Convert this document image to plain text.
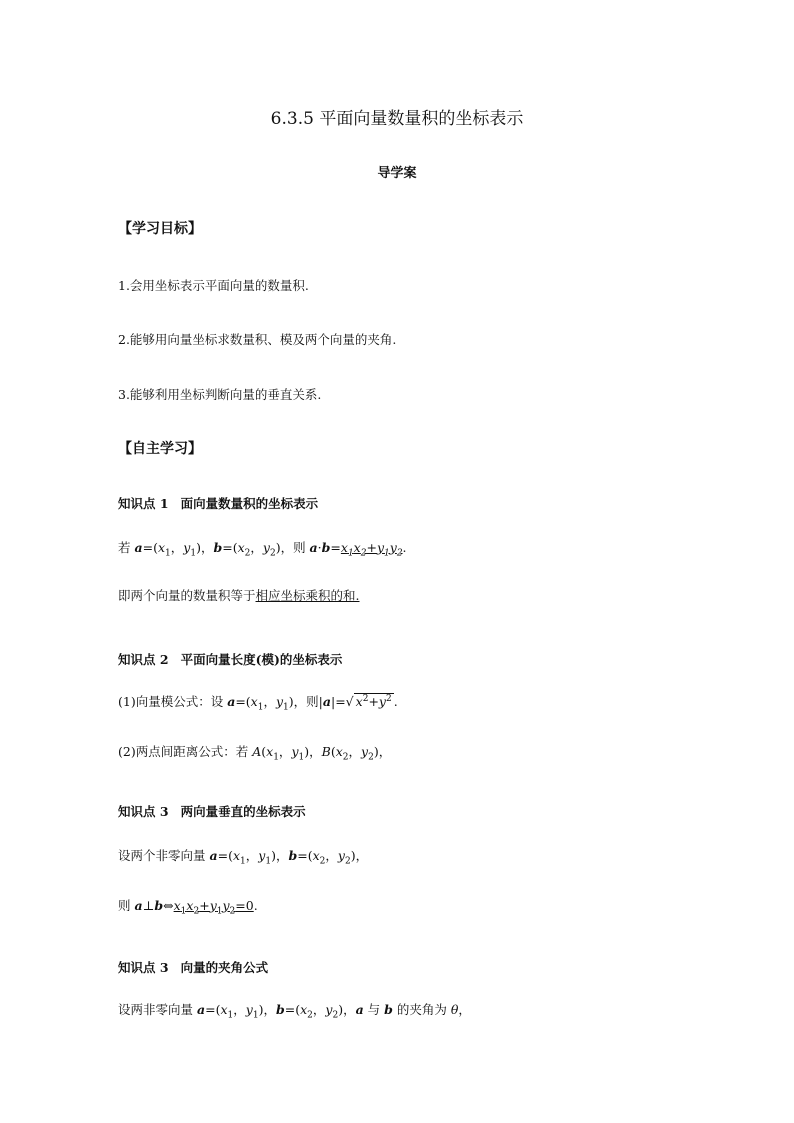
6.3.5 平面向量数量积的坐标表示
导学案
【学习目标】
1.会用坐标表示平面向量的数量积.
2.能够用向量坐标求数量积、模及两个向量的夹角.
3.能够利用坐标判断向量的垂直关系.
【自主学习】
知识点 1 面向量数量积的坐标表示
若 $a=(x_1$，$y_1$)，$b=(x_2$，$y_2$)，则 $a\cdot b=x_1x_2+y_1y_2$.
即两个向量的数量积等于相应坐标乘积的和.
知识点 2 平面向量长度(模)的坐标表示
(1)向量模公式：设 $a=(x_1$，$y_1$)，则|a|=√ $x^2+y^2$ .
(2)两点间距离公式：若 $A(x_1$，$y_1$)，$B(x_2$，$y_2$)，
知识点 3 两向量垂直的坐标表示
设两个非零向量 $a=(x_1$，$y_1$)，$b=(x_2$，$y_2$)，
则 $a\perp b\Leftrightarrow x_1x_2+y_1y_2=0$.
知识点 3 向量的夹角公式
设两非零向量 $a=(x_1$，$y_1$)，$b=(x_2$，$y_2$)，a 与 b 的夹角为 θ，
